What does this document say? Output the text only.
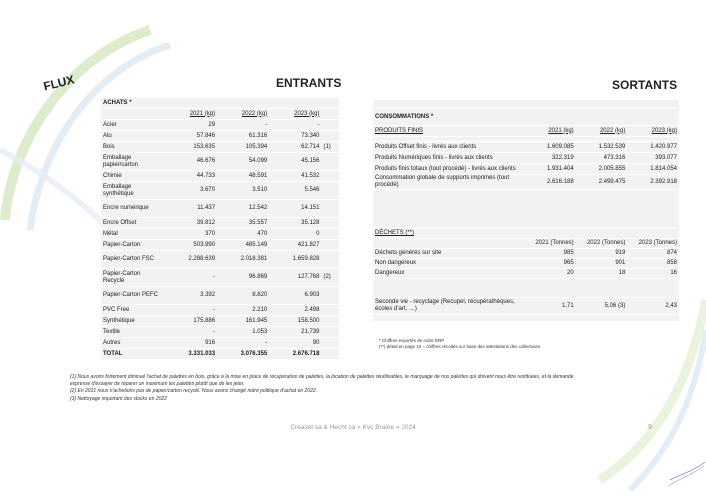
FLUX	ENTRANTS	SORTANTS
ACHATS *				
	2021 (kg)	2022 (kg)	2023 (kg)	
Acier	29	-	-	
Alu	57.846	61.316	73.340	
Bois	153.635	105.394	62.714	(1)
Emballage papier/carton	46.676	54.099	45.156	
Chimie	44.733	48.591	41.532	
Emballage synthétique	3.670	3.510	5.546	
Encre numérique	11.437	12.542	14.151	
Encre Offset	39.812	35.557	35.128	
Métal	370	470	0	
Papier-Carton	503.990	485.149	421.827	
Papier-Carton FSC	2.288.639	2.018.381	1.659.828	
Papier-Carton Recyclé	-	96.869	127.768	(2)
Papier-Carton PEFC	3.392	8.820	6.903	
PVC Free	-	2.210	2.498	
Synthétique	175.886	161.945	158.500	
Textile	-	1.053	21.739	
Autres	916	-	90	
TOTAL	3.331.033	3.076.355	2.676.718	

CONSOMMATIONS *			
PRODUITS FINIS	2021 (kg)	2022 (kg)	2023 (kg)

Produits Offset finis - livrés aux clients	1.609.085	1.532.539	1.420.977
Produits Numériques finis - livrés aux clients	322.319	473.316	393.077
Produits finis totaux (tout procédé) - livrés aux clients	1.931.404	2.005.855	1.814.054
Consommation globale de supports imprimés (tout procédé)	2.616.188	2.499.475	2.392.918

DÉCHETS (**)			
	2021 (Tonnes)	2022 (Tonnes)	2023 (Tonnes)
Déchets générés sur site	985	919	874
Non dangereux	965	901	858
Dangereux	20	18	16

Seconde vie - recyclage (Recupel, récupérathèques, écoles d'art, …)	1,71	5,06 (3)	2,43

* Chiffres exportés de notre ERP
(**) détail en page 10 – chiffres récoltés sur base des attestations des collecteurs
(1) Nous avons fortement diminué l'achat de palettes en bois, grâce à la mise en place de récupération de palettes, la location de palettes réutilisables, le marquage de nos palettes qui doivent nous être restituées, et la demande expresse d'essayer de réparer un maximum les palettes plutôt que de les jeter.
(2) En 2021 nous n'achetions pas de papier/carton recyclé. Nous avons changé notre politique d'achat en 2022.
(3) Nettoyage important des stocks en 2022
Créaset sa & Hecht sa « Kvc Braine » 2024	9
